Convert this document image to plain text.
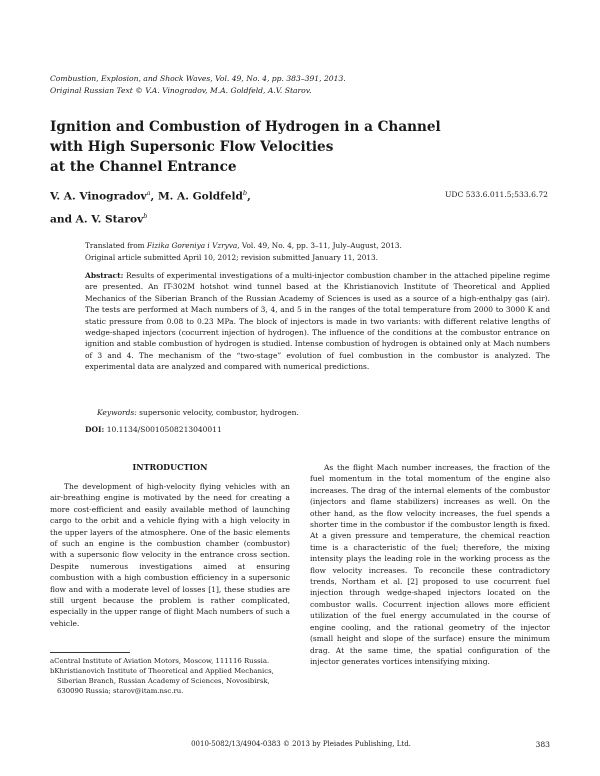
Combustion, Explosion, and Shock Waves, Vol. 49, No. 4, pp. 383–391, 2013.
Original Russian Text © V.A. Vinogradov, M.A. Goldfeld, A.V. Starov.
Ignition and Combustion of Hydrogen in a Channel
with High Supersonic Flow Velocities
at the Channel Entrance
V. A. Vinogradov$^a$, M. A. Goldfeld$^b$,
and A. V. Starov$^b$
UDC 533.6.011.5;533.6.72
Translated from Fizika Goreniya i Vzryva, Vol. 49, No. 4, pp. 3–11, July–August, 2013.
Original article submitted April 10, 2012; revision submitted January 11, 2013.
Abstract: Results of experimental investigations of a multi-injector combustion chamber in the attached pipeline regime are presented. An IT-302M hotshot wind tunnel based at the Khristianovich Institute of Theoretical and Applied Mechanics of the Siberian Branch of the Russian Academy of Sciences is used as a source of a high-enthalpy gas (air). The tests are performed at Mach numbers of 3, 4, and 5 in the ranges of the total temperature from 2000 to 3000 K and static pressure from 0.08 to 0.23 MPa. The block of injectors is made in two variants: with different relative lengths of wedge-shaped injectors (cocurrent injection of hydrogen). The influence of the conditions at the combustor entrance on ignition and stable combustion of hydrogen is studied. Intense combustion of hydrogen is obtained only at Mach numbers of 3 and 4. The mechanism of the “two-stage” evolution of fuel combustion in the combustor is analyzed. The experimental data are analyzed and compared with numerical predictions.
Keywords: supersonic velocity, combustor, hydrogen.
DOI: 10.1134/S0010508213040011
INTRODUCTION

The development of high-velocity flying vehicles with an air-breathing engine is motivated by the need for creating a more cost-efficient and easily available method of launching cargo to the orbit and a vehicle flying with a high velocity in the upper layers of the atmosphere. One of the basic elements of such an engine is the combustion chamber (combustor) with a supersonic flow velocity in the entrance cross section. Despite numerous investigations aimed at ensuring combustion with a high combustion efficiency in a supersonic flow and with a moderate level of losses [1], these studies are still urgent because the problem is rather complicated, especially in the upper range of flight Mach numbers of such a vehicle.

As the flight Mach number increases, the fraction of the fuel momentum in the total momentum of the engine also increases. The drag of the internal elements of the combustor (injectors and flame stabilizers) increases as well. On the other hand, as the flow velocity increases, the fuel spends a shorter time in the combustor if the combustor length is fixed. At a given pressure and temperature, the chemical reaction time is a characteristic of the fuel; therefore, the mixing intensity plays the leading role in the working process as the flow velocity increases. To reconcile these contradictory trends, Northam et al. [2] proposed to use cocurrent fuel injection through wedge-shaped injectors located on the combustor walls. Cocurrent injection allows more efficient utilization of the fuel energy accumulated in the course of engine cooling, and the rational geometry of the injector (small height and slope of the surface) ensure the minimum drag. At the same time, the spatial configuration of the injector generates vortices intensifying mixing.

aCentral Institute of Aviation Motors, Moscow, 111116 Russia.
bKhristianovich Institute of Theoretical and Applied Mechanics, Siberian Branch, Russian Academy of Sciences, Novosibirsk, 630090 Russia; starov@itam.nsc.ru.
0010-5082/13/4904-0383 © 2013 by Pleiades Publishing, Ltd.	383
